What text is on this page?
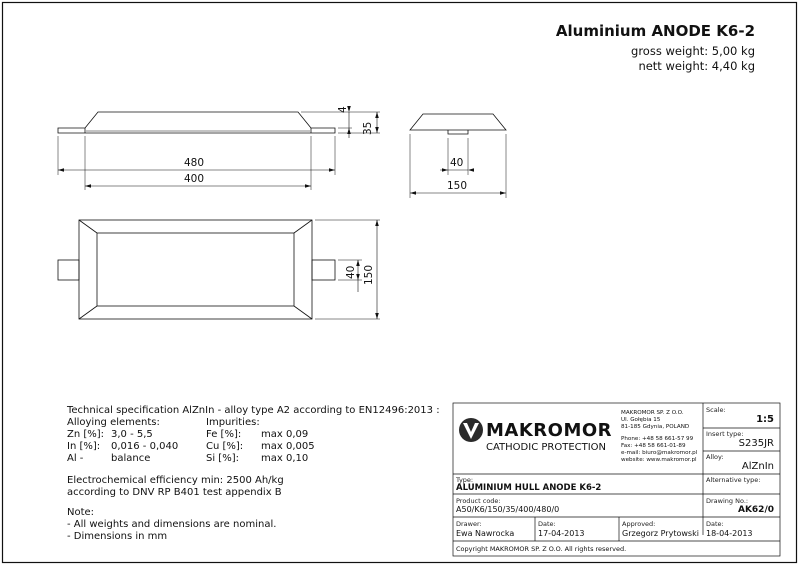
Aluminium ANODE K6-2
gross weight: 5,00 kg
nett weight: 4,40 kg
480
400
4
35
40
150
40 150
Technical specification AlZnIn - alloy type A2 according to EN12496:2013 :
Alloying elements:	Impurities:
Zn [%]: 3,0 - 5,5
In [%]: 0,016 - 0,040
Al -	balance
Fe [%]: max 0,09
Cu [%]: max 0,005
Si [%]: max 0,10
Electrochemical efficiency min: 2500 Ah/kg
according to DNV RP B401 test appendix B
Note:
- All weights and dimensions are nominal.
- Dimensions in mm
MAKROMOR
CATHODIC PROTECTION
MAKROMOR SP. Z O.O.
Ul. Gołębia 15
81-185 Gdynia, POLAND
Phone: +48 58 661-57 99
Fax: +48 58 661-01-89
e-mail: biuro@makromor.pl
website: www.makromor.pl
Scale:
1:5
Insert type:
S235JR
Alloy:
AlZnIn
Type:
ALUMINIUM HULL ANODE K6-2
Alternative type:
Product code:
A50/K6/150/35/400/480/0
Drawing No.:
AK62/0
Drawer:
Ewa Nawrocka
Date:
17-04-2013
Approved:
Grzegorz Prytowski
Date:
18-04-2013
Copyright MAKROMOR SP. Z O.O. All rights reserved.
